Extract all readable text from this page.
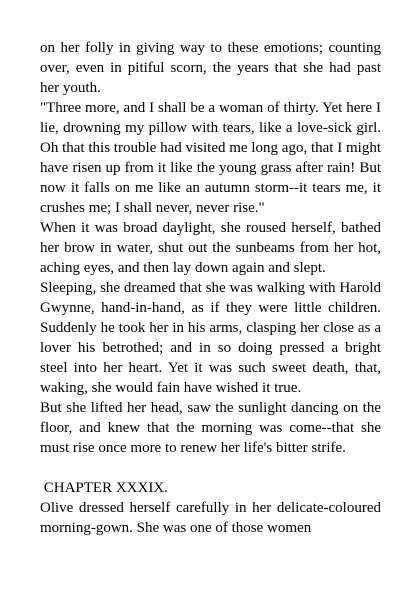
on her folly in giving way to these emotions; counting over, even in pitiful scorn, the years that she had past her youth.

"Three more, and I shall be a woman of thirty. Yet here I lie, drowning my pillow with tears, like a love-sick girl. Oh that this trouble had visited me long ago, that I might have risen up from it like the young grass after rain! But now it falls on me like an autumn storm--it tears me, it crushes me; I shall never, never rise."

When it was broad daylight, she roused herself, bathed her brow in water, shut out the sunbeams from her hot, aching eyes, and then lay down again and slept.

Sleeping, she dreamed that she was walking with Harold Gwynne, hand-in-hand, as if they were little children. Suddenly he took her in his arms, clasping her close as a lover his betrothed; and in so doing pressed a bright steel into her heart. Yet it was such sweet death, that, waking, she would fain have wished it true.

But she lifted her head, saw the sunlight dancing on the floor, and knew that the morning was come--that she must rise once more to renew her life's bitter strife.

CHAPTER XXXIX.

Olive dressed herself carefully in her delicate-coloured morning-gown. She was one of those women
